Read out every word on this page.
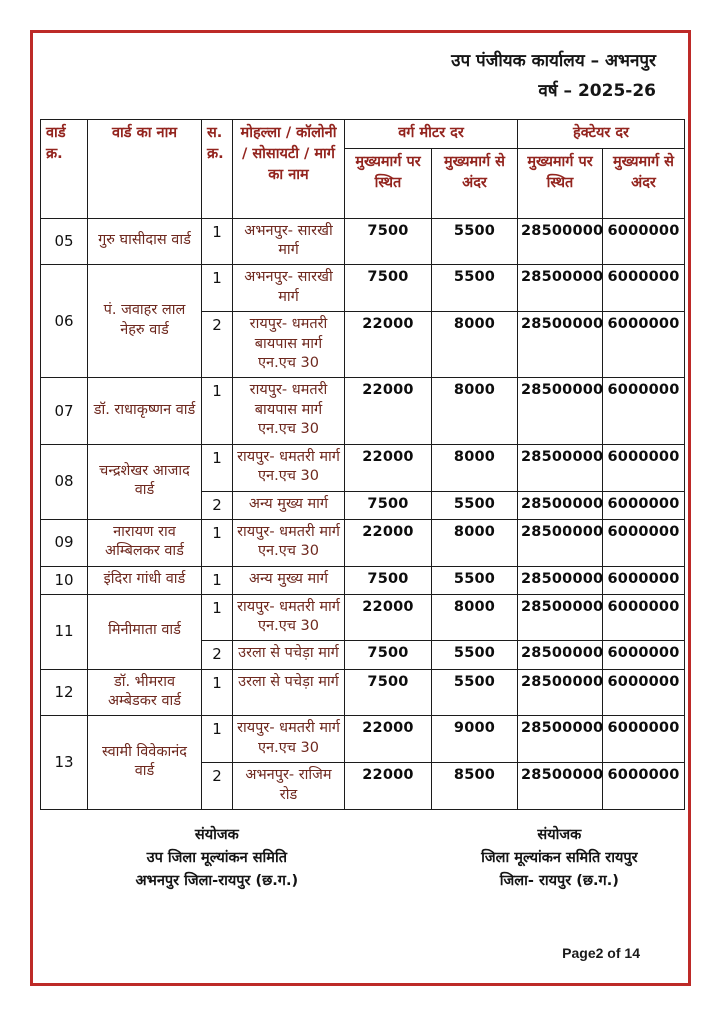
उप पंजीयक कार्यालय – अभनपुर
वर्ष – 2025-26
वार्ड क्र.	वार्ड का नाम	स. क्र.	मोहल्ला / कॉलोनी / सोसायटी / मार्ग का नाम	वर्ग मीटर दर		हेक्टेयर दर	
				मुख्यमार्ग पर स्थित	मुख्यमार्ग से अंदर	मुख्यमार्ग पर स्थित	मुख्यमार्ग से अंदर
05	गुरु घासीदास वार्ड	1	अभनपुर- सारखी मार्ग	7500	5500	28500000	6000000
06	पं. जवाहर लाल नेहरु वार्ड	1	अभनपुर- सारखी मार्ग	7500	5500	28500000	6000000
		2	रायपुर- धमतरी बायपास मार्ग एन.एच 30	22000	8000	28500000	6000000
07	डॉ. राधाकृष्णन वार्ड	1	रायपुर- धमतरी बायपास मार्ग एन.एच 30	22000	8000	28500000	6000000
08	चन्द्रशेखर आजाद वार्ड	1	रायपुर- धमतरी मार्ग एन.एच 30	22000	8000	28500000	6000000
		2	अन्य मुख्य मार्ग	7500	5500	28500000	6000000
09	नारायण राव अम्बिलकर वार्ड	1	रायपुर- धमतरी मार्ग एन.एच 30	22000	8000	28500000	6000000
10	इंदिरा गांधी वार्ड	1	अन्य मुख्य मार्ग	7500	5500	28500000	6000000
11	मिनीमाता वार्ड	1	रायपुर- धमतरी मार्ग एन.एच 30	22000	8000	28500000	6000000
		2	उरला से पचेड़ा मार्ग	7500	5500	28500000	6000000
12	डॉ. भीमराव अम्बेडकर वार्ड	1	उरला से पचेड़ा मार्ग	7500	5500	28500000	6000000
13	स्वामी विवेकानंद वार्ड	1	रायपुर- धमतरी मार्ग एन.एच 30	22000	9000	28500000	6000000
		2	अभनपुर- राजिम रोड	22000	8500	28500000	6000000
संयोजक
उप जिला मूल्यांकन समिति
अभनपुर जिला-रायपुर (छ.ग.)
संयोजक
जिला मूल्यांकन समिति रायपुर
जिला- रायपुर (छ.ग.)
Page2 of 14
